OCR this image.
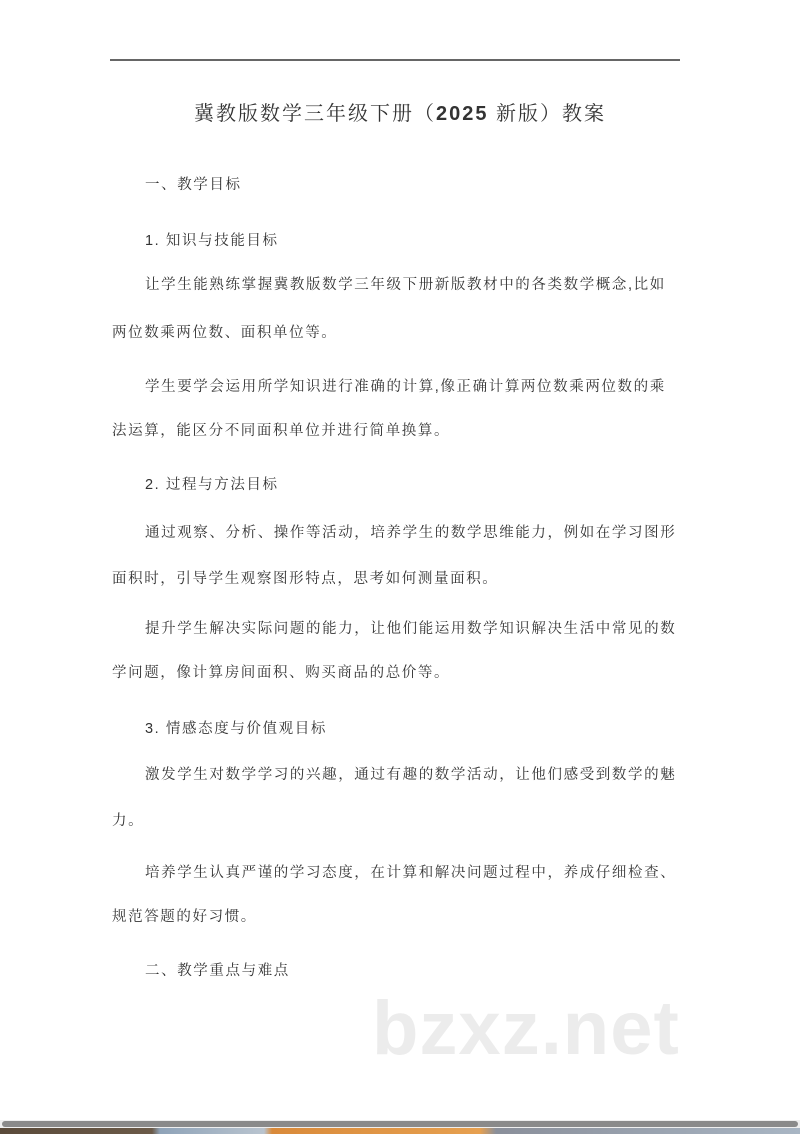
冀教版数学三年级下册（2025 新版）教案
一、教学目标
1. 知识与技能目标
让学生能熟练掌握冀教版数学三年级下册新版教材中的各类数学概念,比如
两位数乘两位数、面积单位等。
学生要学会运用所学知识进行准确的计算,像正确计算两位数乘两位数的乘
法运算，能区分不同面积单位并进行简单换算。
2. 过程与方法目标
通过观察、分析、操作等活动，培养学生的数学思维能力，例如在学习图形
面积时，引导学生观察图形特点，思考如何测量面积。
提升学生解决实际问题的能力，让他们能运用数学知识解决生活中常见的数
学问题，像计算房间面积、购买商品的总价等。
3. 情感态度与价值观目标
激发学生对数学学习的兴趣，通过有趣的数学活动，让他们感受到数学的魅
力。
培养学生认真严谨的学习态度，在计算和解决问题过程中，养成仔细检查、
规范答题的好习惯。
二、教学重点与难点
bzxz.net
